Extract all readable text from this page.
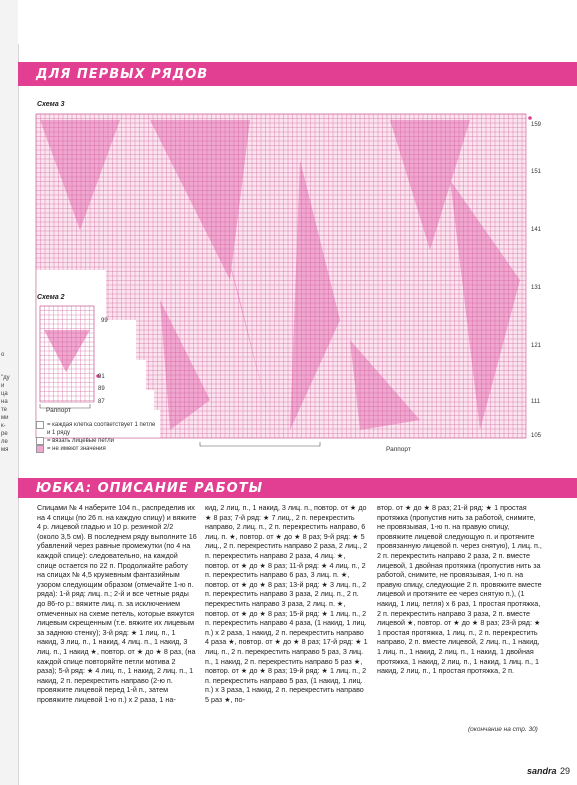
о
"ду
и
ца
на
те
ми
к-
ре
ле
мя
ДЛЯ ПЕРВЫХ РЯДОВ
Схема 3
159
151
141
131
121
111
105
99
Раппорт
Схема 2
91
89
87
Раппорт
= каждая клетка соответствует 1 петле и 1 ряду
= вязать лицевые петли
= не имеют значения
ЮБКА: ОПИСАНИЕ РАБОТЫ
Спицами № 4 наберите 104 п., распределив их на 4 спицы (по 26 п. на каждую спицу) и вяжите 4 р. лицевой гладью и 10 р. резинкой 2/2 (около 3,5 см). В последнем ряду выполните 16 убавлений через равные промежутки (по 4 на каждой спице): следовательно, на каждой спице остается по 22 п. Продолжайте работу на спицах № 4,5 кружевным фантазийным узором следующим образом (отмечайте 1-ю п. ряда): 1-й ряд: лиц. п.; 2-й и все четные ряды до 86-го р.: вяжите лиц. п. за исключением отмеченных на схеме петель, которые вяжутся лицевым скрещенным (т.е. вяжите их лицевым за заднюю стенку); 3-й ряд: ★ 1 лиц. п., 1 накид, 3 лиц. п., 1 накид, 4 лиц. п., 1 накид, 3 лиц. п., 1 накид ★, повтор. от ★ до ★ 8 раз, (на каждой спице повторяйте петли мотива 2 раза); 5-й ряд: ★ 4 лиц. п., 1 накид, 2 лиц. п., 1 накид, 2 п. перекрестить направо (2-ю п. провяжите лицевой перед 1-й п., затем провяжите лицевой 1-ю п.) x 2 раза, 1 на-
кид, 2 лиц. п., 1 накид, 3 лиц. п., повтор. от ★ до ★ 8 раз; 7-й ряд: ★ 7 лиц., 2 п. перекрестить направо, 2 лиц. п., 2 п. перекрестить направо, 6 лиц. п. ★, повтор. от ★ до ★ 8 раз; 9-й ряд: ★ 5 лиц., 2 п. перекрестить направо 2 раза, 2 лиц., 2 п. перекрестить направо 2 раза, 4 лиц. ★, повтор. от ★ до ★ 8 раз; 11-й ряд: ★ 4 лиц. п., 2 п. перекрестить направо 6 раз, 3 лиц. п. ★, повтор. от ★ до ★ 8 раз; 13-й ряд: ★ 3 лиц. п., 2 п. перекрестить направо 3 раза, 2 лиц. п., 2 п. перекрестить направо 3 раза, 2 лиц. п. ★, повтор. от ★ до ★ 8 раз; 15-й ряд: ★ 1 лиц. п., 2 п. перекрестить направо 4 раза, (1 накид, 1 лиц. п.) x 2 раза, 1 накид, 2 п. перекрестить направо 4 раза ★, повтор. от ★ до ★ 8 раз; 17-й ряд: ★ 1 лиц. п., 2 п. перекрестить направо 5 раз, 3 лиц. п., 1 накид, 2 п. перекрестить направо 5 раз ★, повтор. от ★ до ★ 8 раз; 19-й ряд: ★ 1 лиц. п., 2 п. перекрестить направо 5 раз, (1 накид, 1 лиц. п.) x 3 раза, 1 накид, 2 п. перекрестить направо 5 раз ★, по-
втор. от ★ до ★ 8 раз; 21-й ряд: ★ 1 простая протяжка (пропустив нить за работой, снимите, не провязывая, 1-ю п. на правую спицу, провяжите лицевой следующую п. и протяните провязанную лицевой п. через снятую), 1 лиц. п., 2 п. перекрестить направо 2 раза, 2 п. вместе лицевой, 1 двойная протяжка (пропустив нить за работой, снимите, не провязывая, 1-ю п. на правую спицу, следующие 2 п. провяжите вместе лицевой и протяните ее через снятую п.), (1 накид, 1 лиц. петля) x 6 раз, 1 простая протяжка, 2 п. перекрестить направо 3 раза, 2 п. вместе лицевой ★, повтор. от ★ до ★ 8 раз; 23-й ряд: ★ 1 простая протяжка, 1 лиц. п., 2 п. перекрестить направо, 2 п. вместе лицевой, 2 лиц. п., 1 накид, 1 лиц. п., 1 накид, 2 лиц. п., 1 накид, 1 двойная протяжка, 1 накид, 2 лиц. п., 1 накид, 1 лиц. п., 1 накид, 2 лиц. п., 1 простая протяжка, 2 п.
(окончание на стр. 30)
sandra 29
